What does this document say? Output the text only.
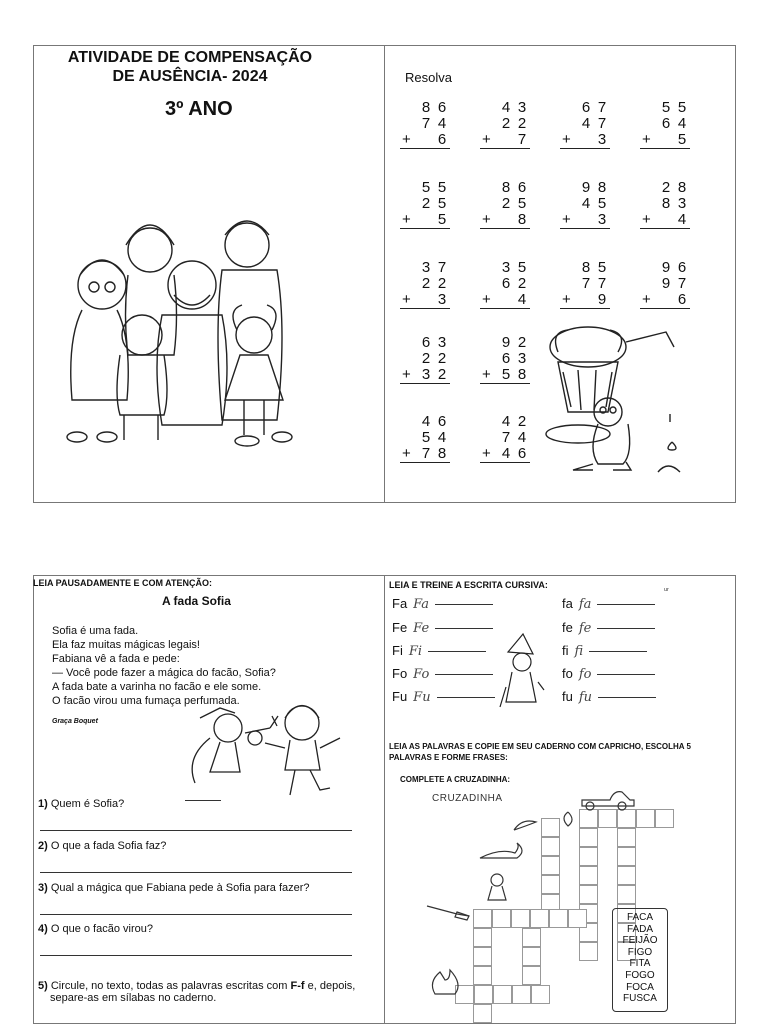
ATIVIDADE DE COMPENSAÇÃO
DE AUSÊNCIA- 2024
3º ANO
Resolva
8 6
7 4
+	6
4 3
2 2
+	7
6 7
4 7
+	3
5 5
6 4
+	5
5 5
2 5
+	5
8 6
2 5
+	8
9 8
4 5
+	3
2 8
8 3
+	4
3 7
2 2
+	3
3 5
6 2
+	4
8 5
7 7
+	9
9 6
9 7
+	6
6 3
2 2
+ 3 2
9 2
6 3
+ 5 8
4 6
5 4
+ 7 8
4 2
7 4
+ 4 6
LEIA PAUSADAMENTE E COM ATENÇÃO:
A fada Sofia
Sofia é uma fada.
Ela faz muitas mágicas legais!
Fabiana vê a fada e pede:
— Você pode fazer a mágica do facão, Sofia?
A fada bate a varinha no facão e ele some.
O facão virou uma fumaça perfumada.
Graça Boquet
1) Quem é Sofia?
2) O que a fada Sofia faz?
3) Qual a mágica que Fabiana pede à Sofia para fazer?
4) O que o facão virou?
5) Circule, no texto, todas as palavras escritas com F-f e, depois,
separe-as em sílabas no caderno.
LEIA E TREINE A ESCRITA CURSIVA:
Fa Fa
Fe Fe
Fi Fi
Fo Fo
Fu Fu
fa fa
fe fe
fi fi
fo fo
fu fu
ᵘʳ
LEIA AS PALAVRAS E COPIE EM SEU CADERNO COM CAPRICHO, ESCOLHA 5
PALAVRAS E FORME FRASES:
COMPLETE A CRUZADINHA:
CRUZADINHA
FACA
FADA
FEIJÃO
FIGO
FITA
FOGO
FOCA
FUSCA
